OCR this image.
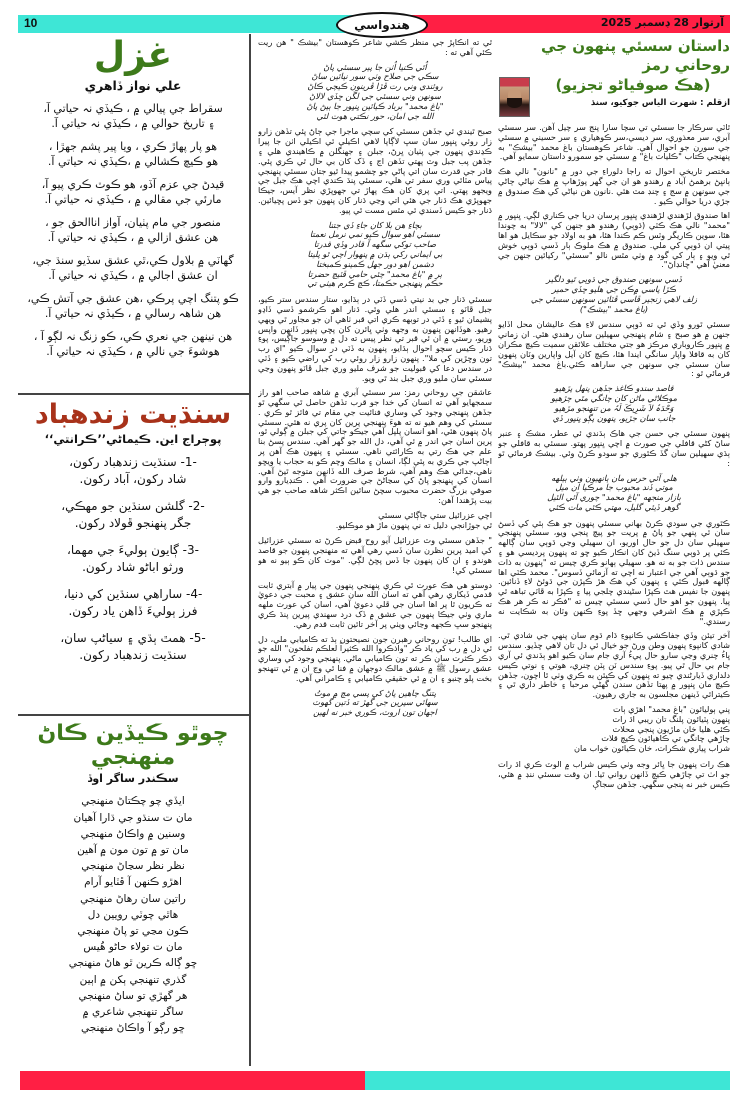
10	هندواسي	آرتوار 28 ڊسمبر 2025
غزل
علي نواز ڏاهري
سقراط جي پيالي ۾ ، ڪيڏي نہ حياتي آ،
۽ تاريخ حوالي ۾ ، ڪيڏي نہ حياتي آ.
هو پار پهاڙ ڪري ، ويا پير پشم جهڙا ،
هو ڪيچ ڪشالي ۾ ،ڪيڏي نہ حياتي آ.
قيدڻ جي عزم آڏو، هو ڪوٽ ڪري پيو آ،
مارئي جي مقالي ۾ ، ڪيڏي نہ حياتي آ.
منصور جي مام پٺيان، آواز اناالحق جو ،
هن عشق ازالي ۾ ، ڪيڏي نہ حياتي آ.
گهاٽي ۾ بلاول ڪي،ٿي عشق سڏيو سنڌ جي،
ان عشق اجالي ۾ ، ڪيڏي نہ حياتي آ.
ڪو پتنگ اچي پرڪي ،هن عشق جي آتش ڪي،
هن شاهہ رسالي ۾ ، ڪيڏي نہ حياتي آ.
هن نينهن جي نعري ڪي، ڪو زنگ نہ لڳو آ ،
هوشوءَ جي نالي ۾ ، ڪيڏي نہ حياتي آ.
سنڌيت زندهباد
پوڄراج اين. ڪيماڻي’’ڪرانتي‘‘
-1- سنڌيت زندهباد رکون،
شاد رکون، آباد رکون.
-2- گلشن سنڌين جو مهڪي،
جگر پنهنجو ڦولاد رکون.
-3- ڳايون ٻوليءَ جي مهما،
ورثو اباڻو شاد رکون.
-4- ساراهي سنڌين کي دنيا،
فرز ٻوليءَ ڏاهن ياد رکون.
-5- همٿ ٻڌي ۽ سياڻپ سان،
سنڌيت زندهباد رکون.
چوٿو ڪيڏين ڪاڻ منهنجي
سڪندر ساگر اوڏ
ايڏي چو چڪتاڻ منهنجي
مان ت سنڌو جي ڌارا آهيان
وسنين ۾ واڪاڻ منهنجي
مان تو ۾ تون مون ۾ آهين
نظر نظر سڃاڻ منهنجي
اهڙو ڪنهن آ ڦٽايو آرام
راتين سان رهاڻ منهنجي
هاٿي چوٽي رويين دل
ڪون مڃي تو پاڻ منهنجي
مان ت تولاء حاڻو هُيس
ڇو ڳاله ڪرين ٿو هاڻ منهنجي
گذري تنهنجي ٻکن ۾ اٻين
هر گهڙي تو ساڻ منهنجي
ساگر تنهنجي شاعري ۾
ڇو رڳو آ واڪاڻ منهنجي
داستان سسئي پنهون جي روحاني رمز
(هڪ صوفياڻو تجزيو)
ازقلم : شهرت الياس جوکيو، سنڌ

ٿاٽي سرڪار جا سسئي تي سچا سارا پنج سر چيل آهن. سر سسئي آبري، سر معذوري، سر ديسي،سر ڪوهياري ۽ سر حسيني ۾ سسئي جي سورن جو احوال آهي. شاعر ڪوهستان باغ محمد "بيشڪ" به پنهنجي ڪتاب "ڪليات باغ" ۾ سسئي جو سمورو داستان سمايو آهي.

مختصر تاريخي احوال ته راجا دلوراءِ جي دور ۾ "نانون" نالي هڪ ٻانڀڻ برهمڻ آباد ۾ رهندو هو ان جي گهر پوڙهاپ ۾ هڪ نياڻي ڄاڻي جي سونهن ۾ سج ۽ چنڊ مٽ هئي .نانون هن نياڻي کي هڪ صندوق ۾ جڙي دريا حوالي ڪيو .

اها صندوق لڙهندي لڙهندي ڀنڀور پرسان دريا جي ڪناري لڳي. ڀنڀور ۾ "محمد" نالي هڪ ڪٽي (ڌوٻي) رهندو هو جنهن کي "لالا" به چوندا هئا، سوين ڪاريگر وٽس ڪم ڪندا هئا، هو به اولاد جو سڪايل هو اها پيتي ان ڌوٻي کي ملي. صندوق ۾ هڪ ملوڪ ٻار ڏسي ڌوٻي خوش ٿي ويو ۽ ٻار کي گود ۾ وٺي مٿس نالو "سسئي" رکيائين جنهن جي معنيٰ آهي "چانڊاڻ".

ڏسي سونهن صندوق جي ڌوٻي ٿيو دلگير
ڪڙا پاسي ۾ڪن جي هليو ڇڏي حمير
زلف لاهي زنجير ڦاسي ڦٽائين سونهن سسئي جي
(باغ محمد "بيشڪ")

سسئي ٿورو وڏي ٿي ته ڌوٻي سندس لاءِ هڪ عاليشان محل اڏايو جنهن ۾ هو صبح ۽ شام پنهنجي سهيلين سان رهندي هئي. ان زماني ۾ ڀنڀور ڪاروباري مرڪز هو جتي مختلف علائقن سميت ڪيچ مڪران کان به قافلا واپار سانگي ايندا هئا، ڪيچ کان آيل واپارين وٽان پنهون سان سسئي جي سونهن جي ساراهه ڪئي.باغ محمد "بيشڪ" فرمائي ٿو :

قاصد سندو ڪاغذ جڏهن پنهل پڙهيو
موڪلاڻي ماڻن کان چانگي مٿي چڙهيو
وَحْدَہُ لاَ شَرِيڪَ لَہُ من تنهنجو مڙهيو
جانب سان جڙيو، پنهون پڳو ڀنڀور ڏي

پنهون سسئي جي حسن جي هاڪ ٻڌندي ئي عطر، مشڪ ۽ عنبر ساڻ کڻي قافلي جي صورت ۾ اچي ڀنڀور پهتو. سسئي به قافلي جو ٻڌي سهيلين سان گڏ ڪٿوري جو سودو ڪرڻ وئي. بيشڪ فرمائي ٿو :

هلي آئي حرس مان ٻانهيون وٺي ٻيلهه
موتي ڏند محبوب جا مرڪيا ان ميل
بازار منجهه "باغ محمد" چوري آئي الئيل
گوهر ڏيئي گليل، مهتي ڪئي مات ڪئي

ڪٿوري جي سودي ڪرڻ بهاني سسئي پنهون جو هڪ ٻئي کي ڏسڻ سان ئي پنهي جو پاڻ ۾ پريت جو پيچ پنجي ويو، سسئي پنهنجي سهيلي سان دل جو حال اوريو، ان سهيلي وڃي ڌوٻي سان ڳالهه ڪئي پر ڌوٻي سنگ ڏيڻ کان انڪار ڪيو ڇو ته پنهون پرديسي هو ۽ سندس ذات جو به نه هو. سهيلي ٻهانو ڪري چيس ته "پنهون به ذات جو ڌوٻي آهي جي اعتبار نه اچي ته آزمائي ڏسوس". محمد ڪٽي اها ڳالهه قبول ڪئي ۽ پنهون کي هڪ هڙ ڪپڙن جي ڌوئڻ لاءِ ڏنائين. پنهون جا نفيس هٿ ڪپڙا سڻيندي چلجي پيا ۽ ڪپڙا به ڦاٽي تباهه ٿي پيا. پنهون جو اهو حال ڏسي سسئي چيس ته "فڪر نه ڪر هر هڪ ڪپڙي ۾ هڪ اشرفي وجهي ڇڏ پوءِ ڪنهن وٽان به شڪايت نه رسندي."

آخر تيئن وڏي جفاڪشي ڪانپوءِ ڌام ڌوم سان پنهي جي شادي ٿي. شادي کانپوءِ پنهون وطن ورڻ جو خيال ئي دل تان لاهي ڇڏيو. سندس ڀاءُ چنري وڃي سارو حال پيءُ آري جام سان ڪيو اهو ٻڌندي ئي آري جام بي حال ٿي پيو. پوءِ سندس ٽن پٽن چنري، هوتي ۽ نوتي ڪيس دلداري ڏيارڻندي چيو ته پنهون کي ڪيئن به ڪري وٺي ٿا اچون، جڏهن ڪيچ مان ڀنڀور ۾ پهتا تڏهن سندن گهڻي مرحبا ۽ خاطر داري ٿي ۽ ڪيترائي ڏينهن مجلسون به جاري رهيون.

پني ٻوليائون "باغ محمد" اهڙي ٻات
پنهون پٽيائون پلنگ تان ريبي اڌ رات
ڪئي هليا خان ماڙيون پنجي محلات
چاڙهي چانگي تي ڪاهيائون ڪيچ قلات
شراب پياري شڪرات، خان ڪيائون خواب مان

هڪ رات پنهون جا ڀائر وجه وٺي ڪيس شراب ۾ الوٽ ڪري اڌ رات جو اٺ تي چاڙهي ڪيچ ڏانهن رواني ٿيا. ان وقت سسئي ننڊ ۾ هئي، ڪيس خبر نه پنجي سگهي. جڏهن سجاڳ

ٿي ته انڪاپڙ جي منظر ڪشي شاعر ڪوهستان "بيشڪ " هن ريت ڪئي آهي ته :

اُٿي ڪنيا اُٺن جا پير سسئي پاڻ
سڪي جي صلاح وٺي سور نيائين ساڻ
روئندي وني رت ڦڙا ڦرينون ڪيچي ڪاڻ
سونهن وني سسئي جي لڱن ڇڏي لالاڻ
"باغ محمد" برباد ڪيائين ڀنڀور جا ٻيڻ پاڻ
الله جي امان، حور نڪتي هوت لئي

صبح ٿيندي ئي جڏهن سسئي کي سچي ماجرا جي ڄاڻ پئي تڏهن زارو زار روئي ڀنڀور سان سڀ لاڳاپا لاهي اڪيلي ئي اڪيلي اٺن جا پيرا ڪڍندي پنهون جي پٺيان ڀرڻ، جبلن ۽ جهنگلن ۾ ڪاهيندي هلي ۽ جڏهن پب جبل وٽ پهتي تڏهن اڃ ۽ ڏک کان بي حال ٿي ڪري پئي. قادر جي قدرت سان اتي پاڻي جو چشمو پيدا ٿيو جتان سسئي پنهنجي پياس مٽائي وري سفر تي هلي، سسئي پنڌ ڪندي اچي هڪ جبل جي ويجهو پهتي. اتي پري کان هڪ پهاڙ تي جهوپڙي نظر آيس، جيڪا جهوپڙي هڪ ڌنار جي هئي اتي وڃي ڌنار کان پنهون جو ڏس پڇيائين. ڌنار جو ڪيس ڏسندي ئي مٿس مست ٿي پيو.

بچاءِ هن بلا کان جاءِ ڏي جتنا
سسئي اهو سوال ڪيو نمي نرمل نعمتا
صاحب توکي سگهه آ قادر وڏي قدرتا
بي ايماني رکي ٻڌن ۾ پنهوار اچي ٿو پليتا
دشمن اهو دور جهل ڪمينو ڪمبختا
ٻر ۾ "باغ محمد" چئي حامي ڦٽيچ حضرتا
حڪم پنهنجي حڪمتا، ڪچ ڪرم هيٺي تي

سسئي ڌنار جي بد نيتي ڏسي ڏٽي در ٻڌايو، ستار سندس ستر ڪيو، جبل ڦاٽو ۽ سسئي اندر هلي وئي. ڌنار اهو ڪرشمو ڏسي ڏاڍو پشيمان ٿيو ۽ ڏٽي در توبهه ڪري اتي قبر ٺاهي ان جو مجاور ٿي ويهي رهيو. هوڏانهن پنهون به وجهه وٺي ڀائرن کان پڇي ڀنڀور ڏانهن واپس وريو، رستي ۾ ان ئي قبر تي نظر پيس ته دل ۾ وسوسو جاڳيس، پوءِ ڌنار ڪيس سچو احوال ٻڌايو، پنهون به ڏٽي در سوال ڪيو "اي رب تون وڇڙين کي ملا". پنهون زارو زار روئي رب کي راضي ڪيو ۽ ڏٽي در سندس دعا کي قبوليت جو شرف مليو وري جبل ڦاٽو پنهون وڃي سسئي سان مليو وري جبل بند ٿي ويو.

عاشقن جي روحاني رمز: سر سسئي آبري ۾ شاهه صاحب اهو راز سمجهايو آهي ته انسان کي خدا جو قرب تڏهن حاصل ٿي سگهي ٿو جڏهن پنهنجي وجود کي وساري فنائيت جي مقام تي فائز ٿو ڪري . سسئي کي وهم هيو نه ته هوءَ پنهنجي پرين کان پري نه هئي. سسئي پاڻ پنهون هئي، اهو انسان پلپل آهي جيڪو جاتي کي جبلن ۾ ڳولي ٿو، پرين اسان جي اندر ۾ ئي آهي، دل الله جو گهر آهي. سندس پسڻ بنا علم جي هڪ رتي به ڪارائتي ناهي. سسئي ۽ پنهون هڪ آهن پر اڄاڻپ جي ڪري به پئي لڳا، انسان ۽ مالڪ وچم ڪو به حجاب يا ويڇو ناهي،جدائي هڪ وهم آهي، شرط صرف الله ڏانهن متوجه ٿيڻ آهي. انسان کي پنهنجو پاڻ کي سڃاڻڻ جي ضرورت آهي . ڪنڊيارو وارو صوفي بزرگ حضرت محبوب سچڻ سائين اڪثر شاهه صاحب جو هي بيت پڙهندا آهن:

اچي عزرائيل ستي جاڳائي سسئي
ٿي جوڙانجي دليل ته ني پنهون ماڙ هو موڪليو.

" جڏهن سسئي وٽ عزرائيل آيو روح قبض ڪرڻ ته سسئي عزرائيل کي اميد پرين نظرن سان ڏسي رهي آهي ته منهنجي پنهون جو قاصد هوندو ۽ ان کان پنهون جا ڏس پڇڻ لڳي. "موت کان ڪو ٻيو نه هو سسئي کي!

دوستو هي هڪ عورت ٿي ڪري پنهنجي پنهون جي پيار ۾ آبتري ثابت قدمي ڏيکاري رهي آهي ته اسان الله سان عشق ۽ محبت جي دعويٰ ته ڪريون ٿا پر اها اسان جي ڦلي دعويٰ آهي، اسان کي عورت ملهه ماري وٺي جيڪا پنهون جي عشق ۾ ڏک درد سهندي پيرين پنڌ ڪري پنهنجو سڀ ڪجهه وڃائي ويٺي پر آخر تائين ثابت قدم رهي.

اي طالب! تون روحاني رهبرن جون نصيحتون ٻڌ ته ڪاميابي ملي، دل ئي دل ۾ رب کي ياد ڪر "واذڪروا الله ڪثيراً لعلڪم تفلحون" الله جو ذڪر ڪثرت سان ڪر ته تون ڪاميابي ماڻي. پنهنجي وجود کي وساري عشق رسول ﷺ ۾ عشق مالڪ دوجهان ۾ فنا ٿي وڃ ان ۾ ئي تنهنجو بخت پلو چنبو ۽ ان ۾ ئي حقيقي ڪاميابي ۽ ڪامراني آهي.

پتنگ چاهين پاڻ کي پسي مچ ۾ موتُ
سهائي سپرين جي گهڙ ته ڏتين گهوٽ
اجهان تون اروٽ، ڪوري خبر نه لهين
